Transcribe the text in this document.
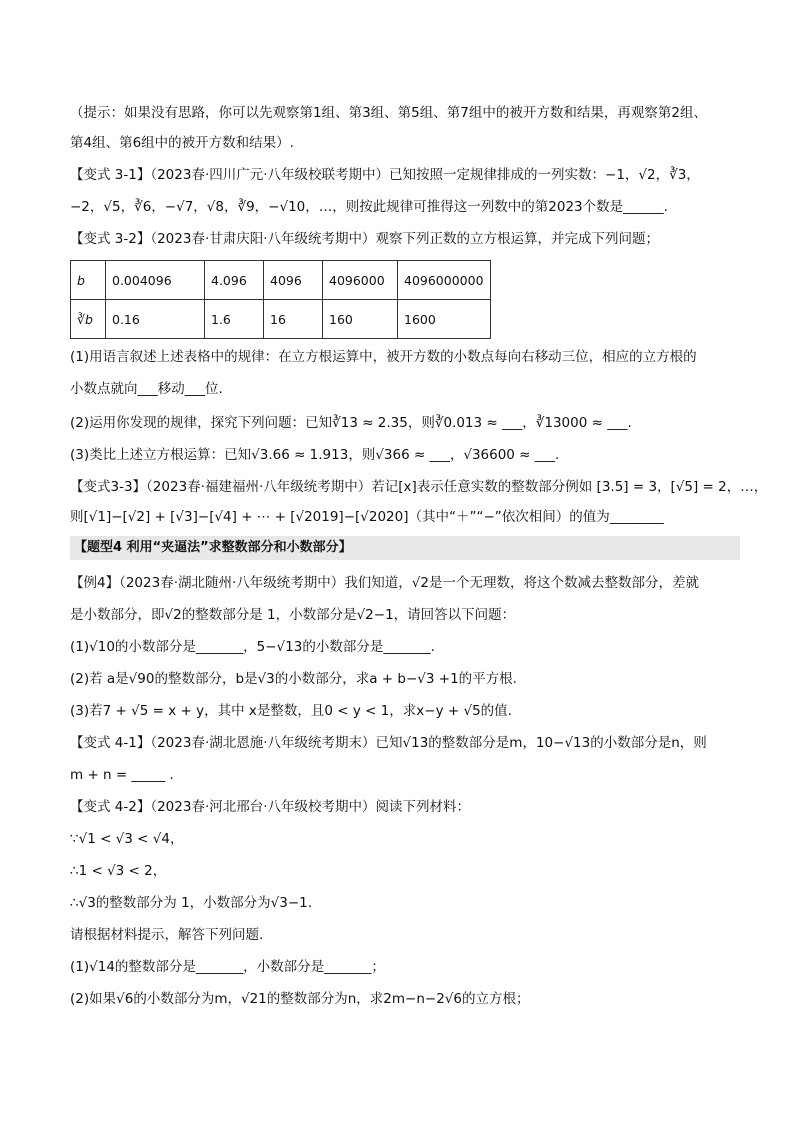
（提示：如果没有思路，你可以先观察第1组、第3组、第5组、第7组中的被开方数和结果，再观察第2组、
第4组、第6组中的被开方数和结果）.
【变式 3-1】（2023春·四川广元·八年级校联考期中）已知按照一定规律排成的一列实数：−1，√2，∛3，
−2，√5，∛6，−√7，√8，∛9，−√10，…，则按此规律可推得这一列数中的第2023个数是______.
【变式 3-2】（2023春·甘肃庆阳·八年级统考期中）观察下列正数的立方根运算，并完成下列问题；
b	0.004096	4.096	4096	4096000	4096000000
∛b	0.16	1.6	16	160	1600
(1)用语言叙述上述表格中的规律：在立方根运算中，被开方数的小数点每向右移动三位，相应的立方根的
小数点就向___移动___位.
(2)运用你发现的规律，探究下列问题：已知∛13 ≈ 2.35，则∛0.013 ≈ ___，∛13000 ≈ ___.
(3)类比上述立方根运算：已知√3.66 ≈ 1.913，则√366 ≈ ___，√36600 ≈ ___.
【变式3-3】（2023春·福建福州·八年级统考期中）若记[x]表示任意实数的整数部分例如 [3.5] = 3，[√5] = 2，…，
则[√1]−[√2] + [√3]−[√4] + ⋯ + [√2019]−[√2020]（其中“＋”“−”依次相间）的值为________
【题型4 利用“夹逼法”求整数部分和小数部分】
【例4】（2023春·湖北随州·八年级统考期中）我们知道，√2是一个无理数，将这个数减去整数部分，差就
是小数部分，即√2的整数部分是 1，小数部分是√2−1，请回答以下问题：
(1)√10的小数部分是_______，5−√13的小数部分是_______.
(2)若 a是√90的整数部分，b是√3的小数部分，求a + b−√3 +1的平方根.
(3)若7 + √5 = x + y，其中 x是整数，且0 < y < 1，求x−y + √5的值.
【变式 4-1】（2023春·湖北恩施·八年级统考期末）已知√13的整数部分是m，10−√13的小数部分是n，则
m + n = _____ .
【变式 4-2】（2023春·河北邢台·八年级校考期中）阅读下列材料：
∵√1 < √3 < √4，
∴1 < √3 < 2，
∴√3的整数部分为 1，小数部分为√3−1.
请根据材料提示，解答下列问题.
(1)√14的整数部分是_______，小数部分是_______；
(2)如果√6的小数部分为m，√21的整数部分为n，求2m−n−2√6的立方根；
